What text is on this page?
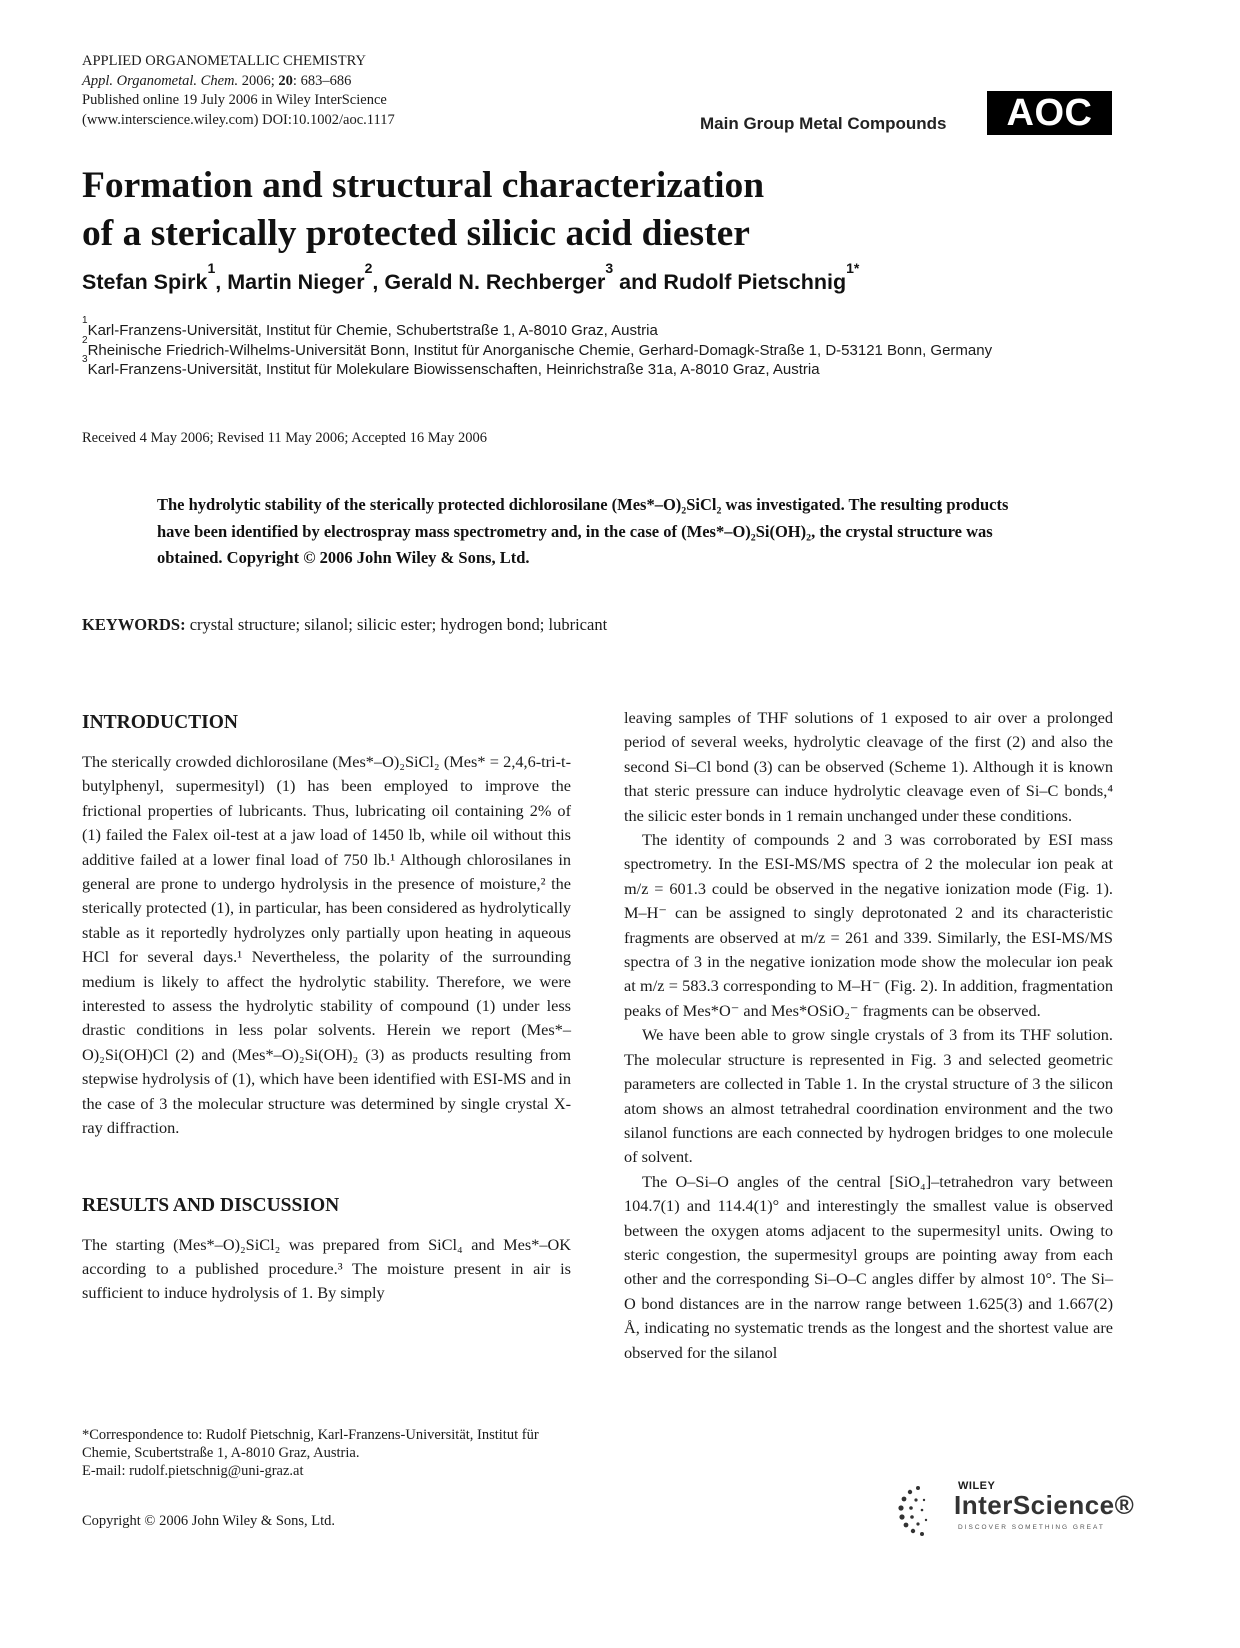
APPLIED ORGANOMETALLIC CHEMISTRY
Appl. Organometal. Chem. 2006; 20: 683–686
Published online 19 July 2006 in Wiley InterScience
(www.interscience.wiley.com) DOI:10.1002/aoc.1117	Main Group Metal Compounds	AOC
Formation and structural characterization
of a sterically protected silicic acid diester
Stefan Spirk$^1$, Martin Nieger$^2$, Gerald N. Rechberger$^3$ and Rudolf Pietschnig$^{1*}$
$^1$Karl-Franzens-Universität, Institut für Chemie, Schubertstraße 1, A-8010 Graz, Austria
$^2$Rheinische Friedrich-Wilhelms-Universität Bonn, Institut für Anorganische Chemie, Gerhard-Domagk-Straße 1, D-53121 Bonn, Germany
$^3$Karl-Franzens-Universität, Institut für Molekulare Biowissenschaften, Heinrichstraße 31a, A-8010 Graz, Austria
Received 4 May 2006; Revised 11 May 2006; Accepted 16 May 2006
The hydrolytic stability of the sterically protected dichlorosilane (Mes*–O)₂SiCl₂ was investigated. The resulting products have been identified by electrospray mass spectrometry and, in the case of (Mes*–O)₂Si(OH)₂, the crystal structure was obtained. Copyright © 2006 John Wiley & Sons, Ltd.
KEYWORDS: crystal structure; silanol; silicic ester; hydrogen bond; lubricant
INTRODUCTION

The sterically crowded dichlorosilane (Mes*–O)₂SiCl₂ (Mes* = 2,4,6-tri-t-butylphenyl, supermesityl) (1) has been employed to improve the frictional properties of lubricants. Thus, lubricating oil containing 2% of (1) failed the Falex oil-test at a jaw load of 1450 lb, while oil without this additive failed at a lower final load of 750 lb.¹ Although chlorosilanes in general are prone to undergo hydrolysis in the presence of moisture,² the sterically protected (1), in particular, has been considered as hydrolytically stable as it reportedly hydrolyzes only partially upon heating in aqueous HCl for several days.¹ Nevertheless, the polarity of the surrounding medium is likely to affect the hydrolytic stability. Therefore, we were interested to assess the hydrolytic stability of compound (1) under less drastic conditions in less polar solvents. Herein we report (Mes*–O)₂Si(OH)Cl (2) and (Mes*–O)₂Si(OH)₂ (3) as products resulting from stepwise hydrolysis of (1), which have been identified with ESI-MS and in the case of 3 the molecular structure was determined by single crystal X-ray diffraction.

RESULTS AND DISCUSSION

The starting (Mes*–O)₂SiCl₂ was prepared from SiCl₄ and Mes*–OK according to a published procedure.³ The moisture present in air is sufficient to induce hydrolysis of 1. By simply

leaving samples of THF solutions of 1 exposed to air over a prolonged period of several weeks, hydrolytic cleavage of the first (2) and also the second Si–Cl bond (3) can be observed (Scheme 1). Although it is known that steric pressure can induce hydrolytic cleavage even of Si–C bonds,⁴ the silicic ester bonds in 1 remain unchanged under these conditions.

The identity of compounds 2 and 3 was corroborated by ESI mass spectrometry. In the ESI-MS/MS spectra of 2 the molecular ion peak at m/z = 601.3 could be observed in the negative ionization mode (Fig. 1). M–H⁻ can be assigned to singly deprotonated 2 and its characteristic fragments are observed at m/z = 261 and 339. Similarly, the ESI-MS/MS spectra of 3 in the negative ionization mode show the molecular ion peak at m/z = 583.3 corresponding to M–H⁻ (Fig. 2). In addition, fragmentation peaks of Mes*O⁻ and Mes*OSiO₂⁻ fragments can be observed.

We have been able to grow single crystals of 3 from its THF solution. The molecular structure is represented in Fig. 3 and selected geometric parameters are collected in Table 1. In the crystal structure of 3 the silicon atom shows an almost tetrahedral coordination environment and the two silanol functions are each connected by hydrogen bridges to one molecule of solvent.

The O–Si–O angles of the central [SiO₄]–tetrahedron vary between 104.7(1) and 114.4(1)° and interestingly the smallest value is observed between the oxygen atoms adjacent to the supermesityl units. Owing to steric congestion, the supermesityl groups are pointing away from each other and the corresponding Si–O–C angles differ by almost 10°. The Si–O bond distances are in the narrow range between 1.625(3) and 1.667(2) Å, indicating no systematic trends as the longest and the shortest value are observed for the silanol

*Correspondence to: Rudolf Pietschnig, Karl-Franzens-Universität, Institut für Chemie, Scubertstraße 1, A-8010 Graz, Austria.
E-mail: rudolf.pietschnig@uni-graz.at
Copyright © 2006 John Wiley & Sons, Ltd.
WILEY
InterScience®
DISCOVER SOMETHING GREAT
